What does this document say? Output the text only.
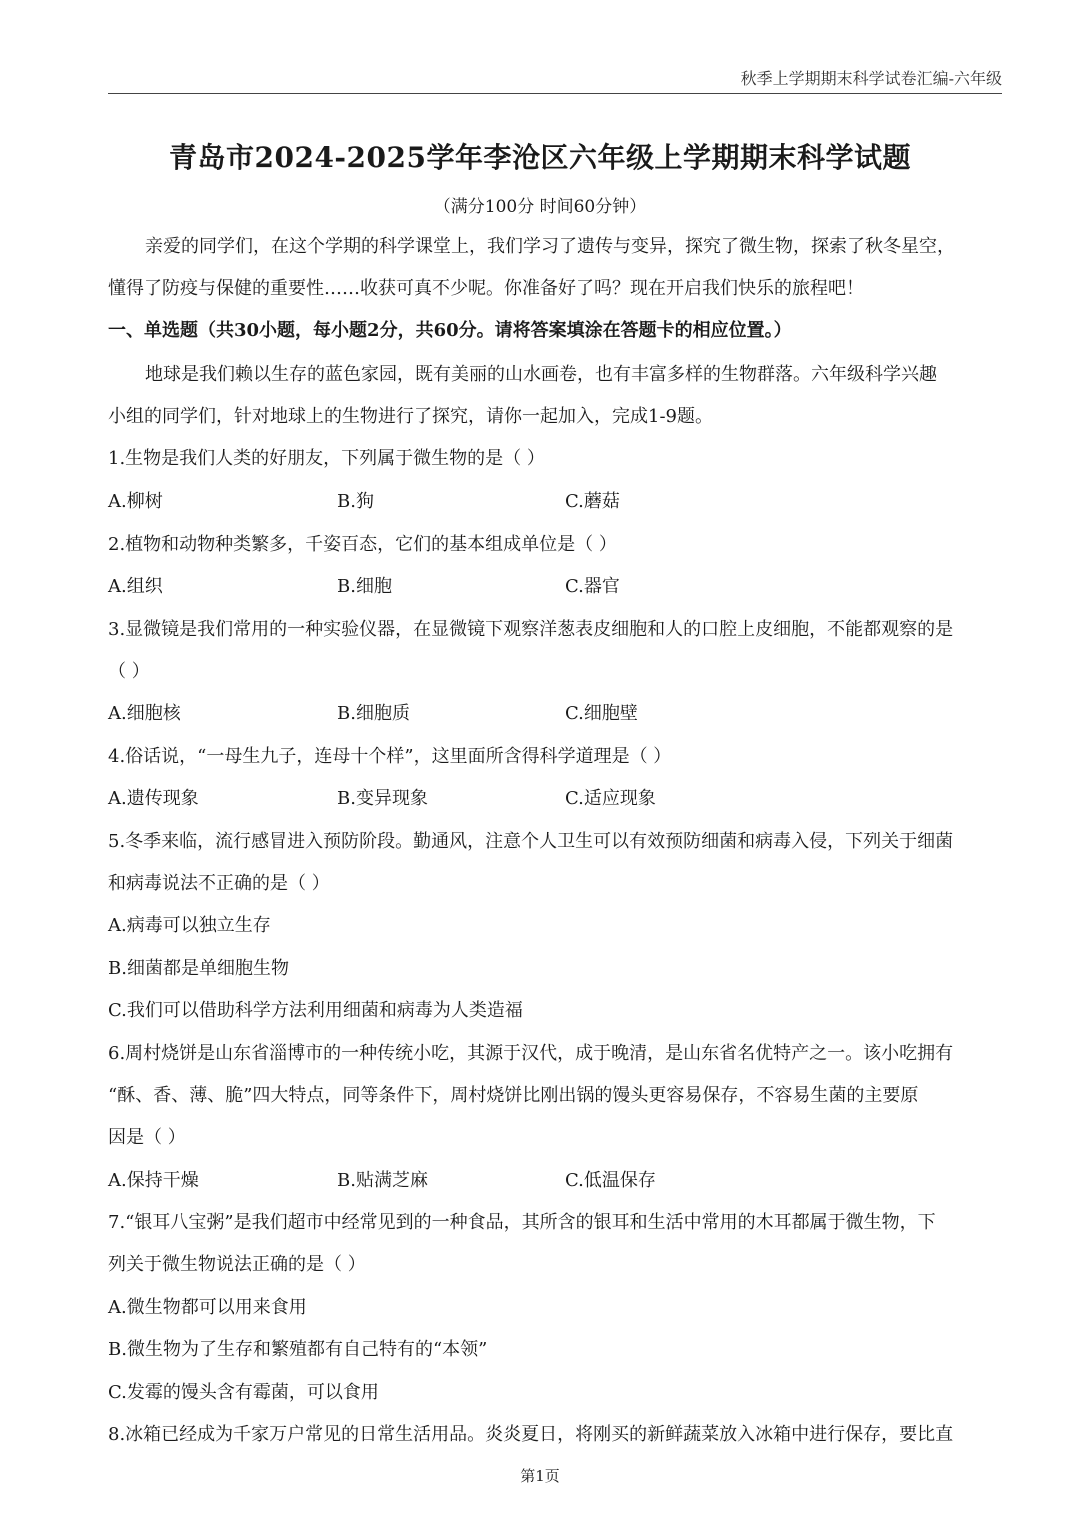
秋季上学期期末科学试卷汇编-六年级
青岛市2024-2025学年李沧区六年级上学期期末科学试题
（满分100分 时间60分钟）
亲爱的同学们，在这个学期的科学课堂上，我们学习了遗传与变异，探究了微生物，探索了秋冬星空，
懂得了防疫与保健的重要性……收获可真不少呢。你准备好了吗？现在开启我们快乐的旅程吧！
一、单选题（共30小题，每小题2分，共60分。请将答案填涂在答题卡的相应位置。）
地球是我们赖以生存的蓝色家园，既有美丽的山水画卷，也有丰富多样的生物群落。六年级科学兴趣
小组的同学们，针对地球上的生物进行了探究，请你一起加入，完成1-9题。
1.生物是我们人类的好朋友，下列属于微生物的是（ ）
A.柳树	B.狗	C.蘑菇
2.植物和动物种类繁多，千姿百态，它们的基本组成单位是（ ）
A.组织	B.细胞	C.器官
3.显微镜是我们常用的一种实验仪器，在显微镜下观察洋葱表皮细胞和人的口腔上皮细胞，不能都观察的是
（ ）
A.细胞核	B.细胞质	C.细胞壁
4.俗话说，“一母生九子，连母十个样”，这里面所含得科学道理是（ ）
A.遗传现象	B.变异现象	C.适应现象
5.冬季来临，流行感冒进入预防阶段。勤通风，注意个人卫生可以有效预防细菌和病毒入侵，下列关于细菌
和病毒说法不正确的是（ ）
A.病毒可以独立生存
B.细菌都是单细胞生物
C.我们可以借助科学方法利用细菌和病毒为人类造福
6.周村烧饼是山东省淄博市的一种传统小吃，其源于汉代，成于晚清，是山东省名优特产之一。该小吃拥有
“酥、香、薄、脆”四大特点，同等条件下，周村烧饼比刚出锅的馒头更容易保存，不容易生菌的主要原
因是（ ）
A.保持干燥	B.贴满芝麻	C.低温保存
7.“银耳八宝粥”是我们超市中经常见到的一种食品，其所含的银耳和生活中常用的木耳都属于微生物，下
列关于微生物说法正确的是（ ）
A.微生物都可以用来食用
B.微生物为了生存和繁殖都有自己特有的“本领”
C.发霉的馒头含有霉菌，可以食用
8.冰箱已经成为千家万户常见的日常生活用品。炎炎夏日，将刚买的新鲜蔬菜放入冰箱中进行保存，要比直
第1页
